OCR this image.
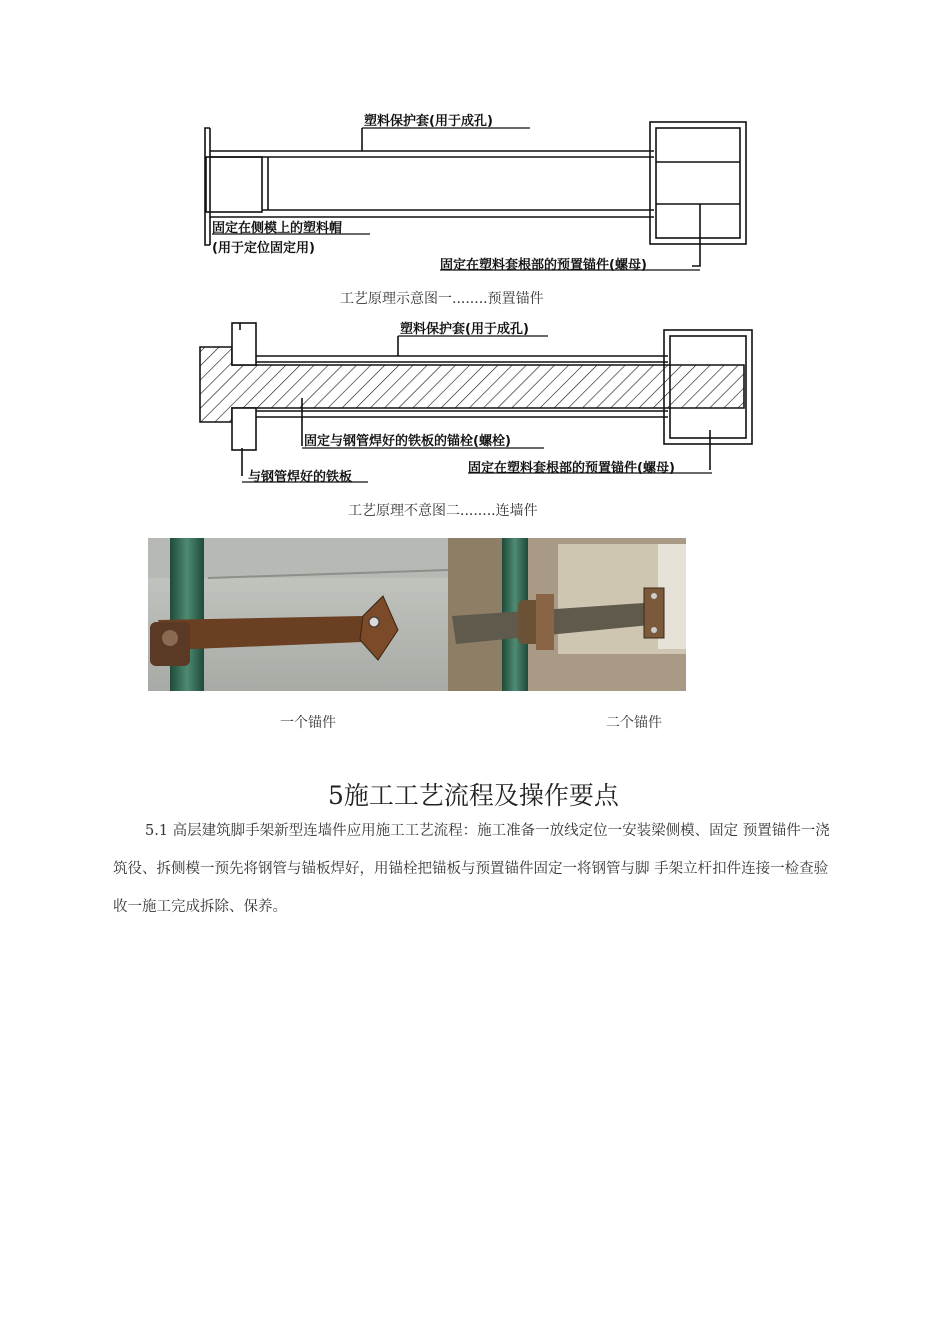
塑料保护套(用于成孔)
固定在侧模上的塑料帽
(用于定位固定用)
固定在塑料套根部的预置锚件(螺母)
工艺原理示意图一........预置锚件
塑料保护套(用于成孔)
固定与钢管焊好的铁板的锚栓(螺栓)
固定在塑料套根部的预置锚件(螺母)
与钢管焊好的铁板
工艺原理不意图二........连墙件
一个锚件	二个锚件
5施工工艺流程及操作要点
5.1 高层建筑脚手架新型连墙件应用施工工艺流程：施工准备一放线定位一安装梁侧模、固定 预置锚件一浇筑役、拆侧模一预先将钢管与锚板焊好，用锚栓把锚板与预置锚件固定一将钢管与脚 手架立杆扣件连接一检查验收一施工完成拆除、保养。
